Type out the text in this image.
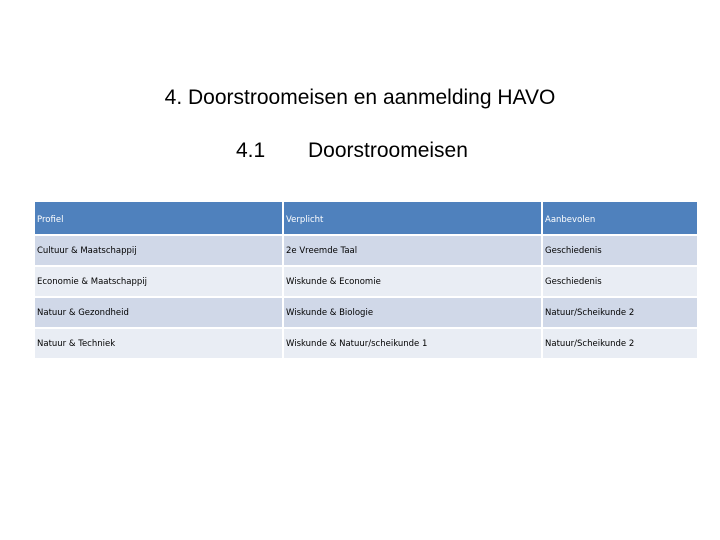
4. Doorstroomeisen en aanmelding HAVO
4.1 Doorstroomeisen
Profiel	Verplicht	Aanbevolen
Cultuur & Maatschappij	2e Vreemde Taal	Geschiedenis
Economie & Maatschappij	Wiskunde & Economie	Geschiedenis
Natuur & Gezondheid	Wiskunde & Biologie	Natuur/Scheikunde 2
Natuur & Techniek	Wiskunde & Natuur/scheikunde 1	Natuur/Scheikunde 2
